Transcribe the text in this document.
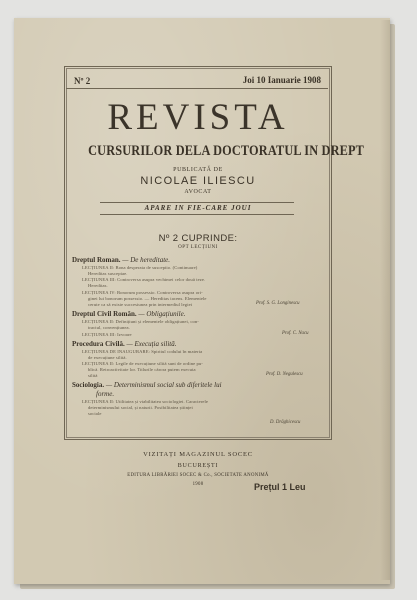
Nº 2	Joi 10 Ianuarie 1908
REVISTA
CURSURILOR DELA DOCTORATUL IN DREPT
PUBLICATĂ DE
NICOLAE ILIESCU
AVOCAT
APARE IN FIE-CARE JOUI
Nº 2 CUPRINDE:
OPT LECȚIUNI
Dreptul Roman. — De hereditate.
LECȚIUNEA II: Bona desperata de susceptio. (Continuare)
Hereditas susceptae.
LECȚIUNEA III: Controversa asupra vechimei celor două teze.
Hereditas.
LECȚIUNEA IV: Bonorum possessio. Controversa asupra ori-
ginei lui bonorum possessio. — Hereditas iacens. Elementele
cerute ca să existe succesiunea prin intermediul legiei	Prof. S. G. Longinescu
Dreptul Civil Român. — Obligațiunile.
LECȚIUNEA II: Definițiuni și elementele obligațiunei, con-
tractul, convențiunea.
LECȚIUNEA III: Izvoare	Prof. C. Nacu
Procedura Civilă. — Execuția silită.
LECȚIUNEA DE INAUGURARE: Spiritul codului în materia
de execuțiune silită.
LECȚIUNEA II: Legile de execuțiune silită sunt de ordine pu-
blică. Retroactivitate lor. Titlurile cărora putem executa
silită	Prof. D. Negulescu
Sociologia. — Determinismul social sub diferitele lui
forme.
LECȚIUNEA II: Utilitatea și viabilitatea sociologiei. Caracterele
determinismului social, și naturii. Posibilitatea științei
sociale
D. Drăghicescu
VIZITAȚI MAGAZINUL SOCEC
BUCUREȘTI
EDITURA LIBRĂRIEI SOCEC & Co., SOCIETATE ANONIMĂ
1908	Prețul 1 Leu
